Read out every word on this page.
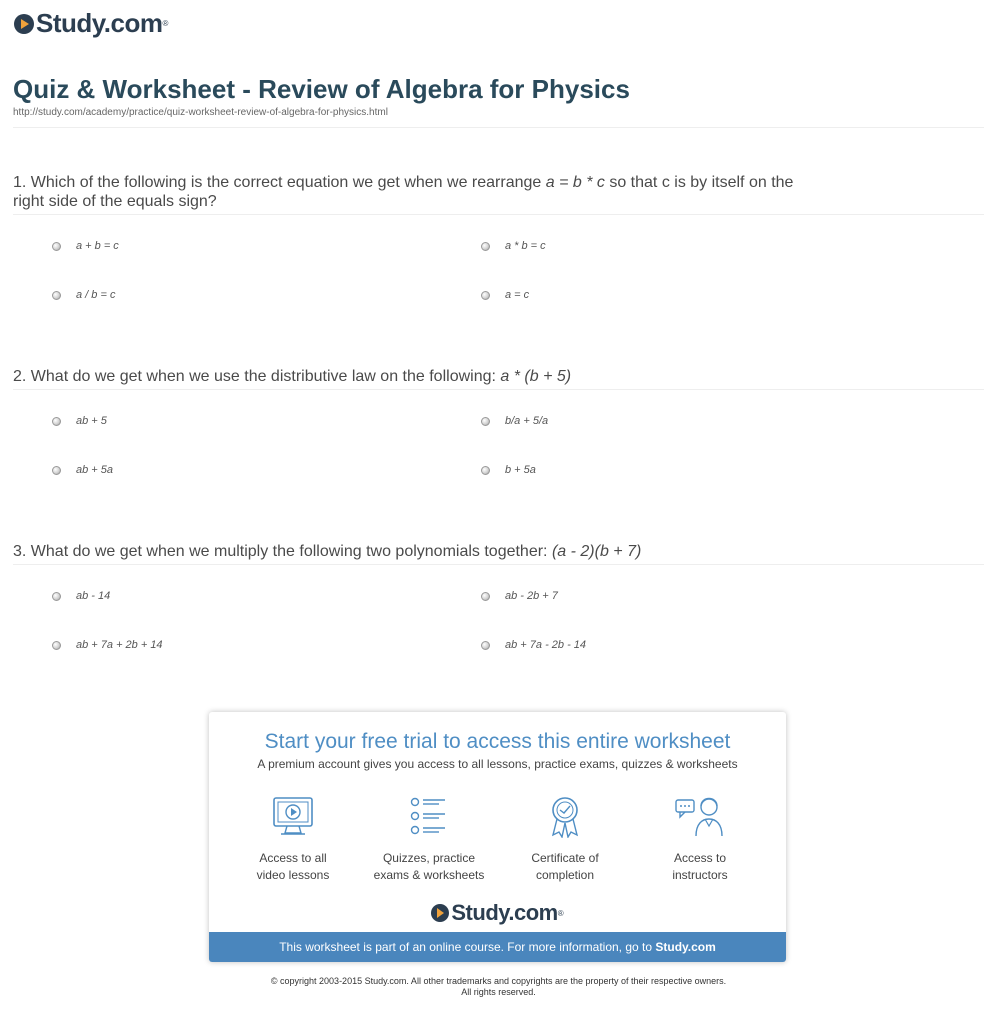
Study.com ®
Quiz & Worksheet - Review of Algebra for Physics
http://study.com/academy/practice/quiz-worksheet-review-of-algebra-for-physics.html
1. Which of the following is the correct equation we get when we rearrange a = b * c so that c is by itself on the right side of the equals sign?
a + b = c	a * b = c
a / b = c	a = c
2. What do we get when we use the distributive law on the following: a * (b + 5)
ab + 5	b/a + 5/a
ab + 5a	b + 5a
3. What do we get when we multiply the following two polynomials together: (a - 2)(b + 7)
ab - 14	ab - 2b + 7
ab + 7a + 2b + 14	ab + 7a - 2b - 14
Start your free trial to access this entire worksheet
A premium account gives you access to all lessons, practice exams, quizzes & worksheets
Access to all
video lessons
Quizzes, practice
exams & worksheets
Certificate of
completion
Access to
instructors
Study.com ®
This worksheet is part of an online course. For more information, go to Study.com
© copyright 2003-2015 Study.com. All other trademarks and copyrights are the property of their respective owners.
All rights reserved.
